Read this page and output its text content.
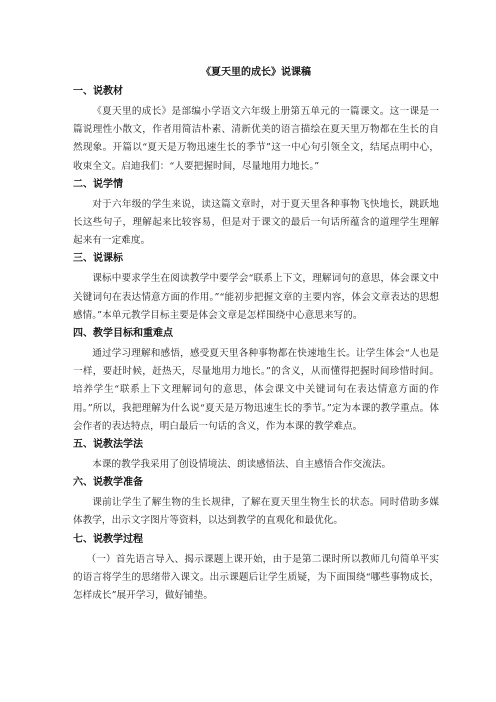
《夏天里的成长》说课稿
一、说教材
《夏天里的成长》是部编小学语文六年级上册第五单元的一篇课文。这一课是一篇说理性小散文，作者用简洁朴素、清新优美的语言描绘在夏天里万物都在生长的自然现象。开篇以“夏天是万物迅速生长的季节”这一中心句引领全文，结尾点明中心，收束全文。启迪我们：“人要把握时间，尽量地用力地长。”
二、说学情
对于六年级的学生来说，读这篇文章时，对于夏天里各种事物飞快地长，跳跃地长这些句子，理解起来比较容易，但是对于课文的最后一句话所蕴含的道理学生理解起来有一定难度。
三、说课标
课标中要求学生在阅读教学中要学会“联系上下文，理解词句的意思，体会课文中关键词句在表达情意方面的作用。”“能初步把握文章的主要内容，体会文章表达的思想感情。”本单元教学目标主要是体会文章是怎样围绕中心意思来写的。
四、教学目标和重难点
通过学习理解和感悟，感受夏天里各种事物都在快速地生长。让学生体会“人也是一样，要赶时候，赶热天，尽量地用力地长。”的含义，从而懂得把握时间珍惜时间。培养学生“联系上下文理解词句的意思，体会课文中关键词句在表达情意方面的作用。”所以，我把理解为什么说“夏天是万物迅速生长的季节。”定为本课的教学重点。体会作者的表达特点，明白最后一句话的含义，作为本课的教学难点。
五、说教法学法
本课的教学我采用了创设情境法、朗读感悟法、自主感悟合作交流法。
六、说教学准备
课前让学生了解生物的生长规律，了解在夏天里生物生长的状态。同时借助多媒体教学，出示文字图片等资料，以达到教学的直观化和最优化。
七、说教学过程
（一）首先语言导入、揭示课题上课开始，由于是第二课时所以教师几句简单平实的语言将学生的思绪带入课文。出示课题后让学生质疑，为下面围绕“哪些事物成长，怎样成长”展开学习，做好铺垫。
